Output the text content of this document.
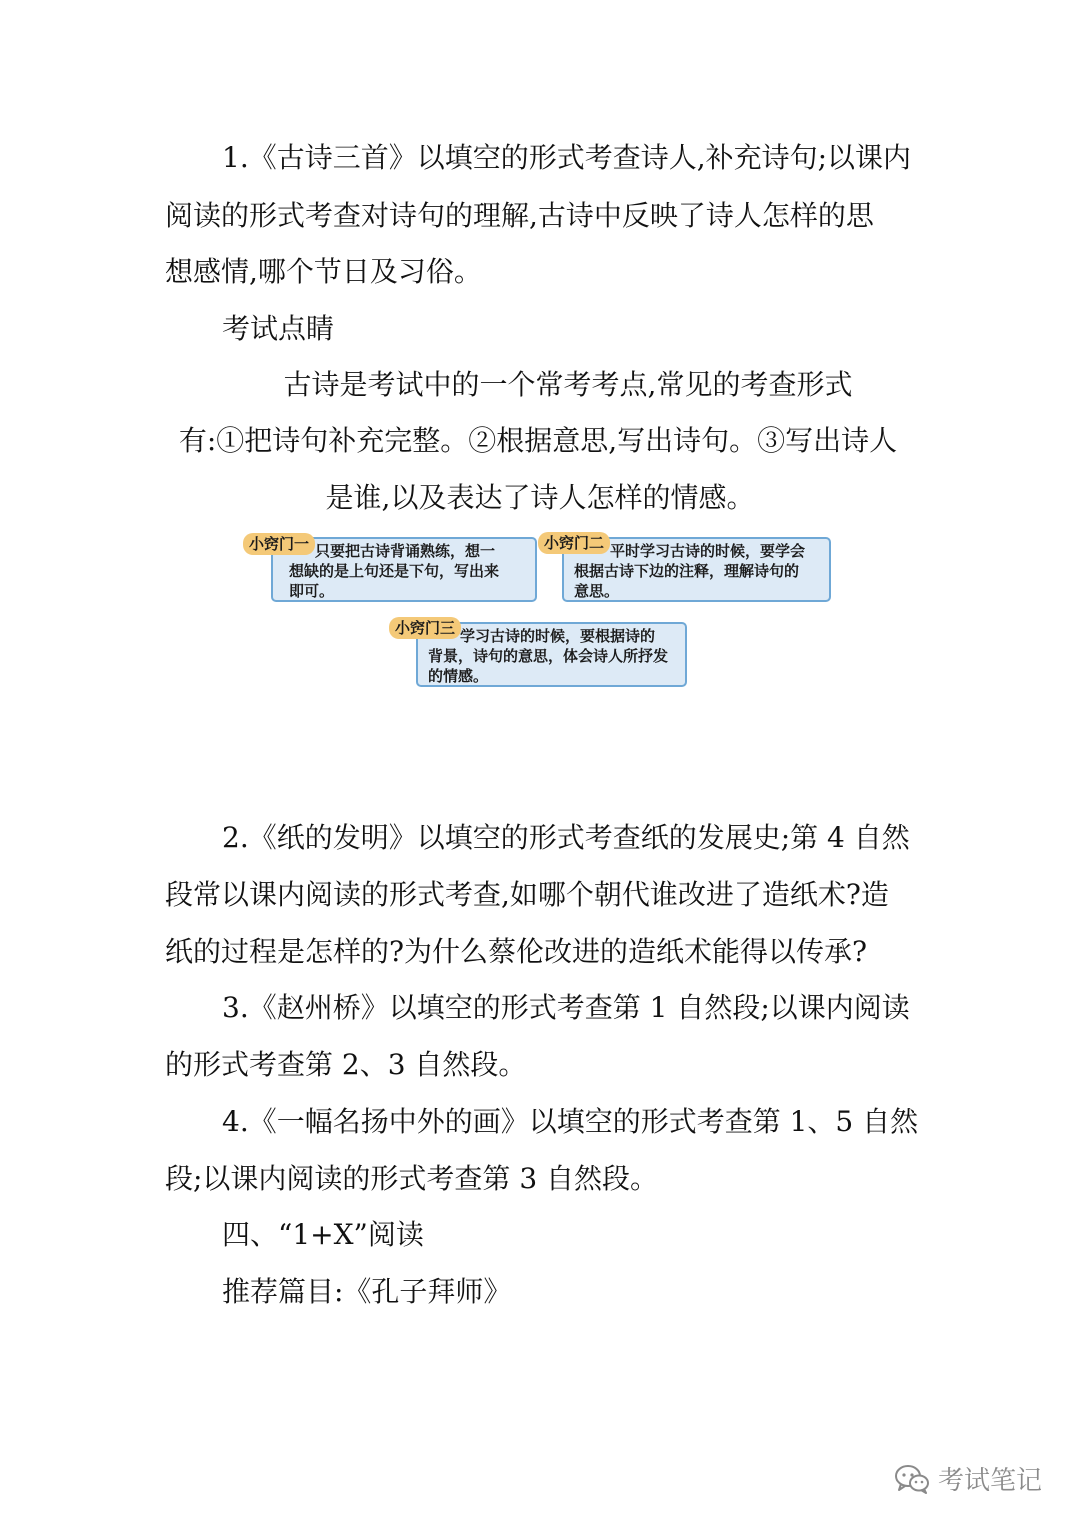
1.《古诗三首》以填空的形式考查诗人,补充诗句;以课内
阅读的形式考查对诗句的理解,古诗中反映了诗人怎样的思
想感情,哪个节日及习俗。
考试点睛
古诗是考试中的一个常考考点,常见的考查形式
有:①把诗句补充完整。②根据意思,写出诗句。③写出诗人
是谁,以及表达了诗人怎样的情感。
只要把古诗背诵熟练，想一
想缺的是上句还是下句，写出来
即可。
小窍门一	平时学习古诗的时候，要学会
根据古诗下边的注释，理解诗句的
意思。
小窍门二
学习古诗的时候，要根据诗的
背景，诗句的意思，体会诗人所抒发
的情感。
小窍门三
2.《纸的发明》以填空的形式考查纸的发展史;第 4 自然
段常以课内阅读的形式考查,如哪个朝代谁改进了造纸术?造
纸的过程是怎样的?为什么蔡伦改进的造纸术能得以传承?
3.《赵州桥》以填空的形式考查第 1 自然段;以课内阅读
的形式考查第 2、3 自然段。
4.《一幅名扬中外的画》以填空的形式考查第 1、5 自然
段;以课内阅读的形式考查第 3 自然段。
四、“1+X”阅读
推荐篇目:《孔子拜师》
考试笔记
